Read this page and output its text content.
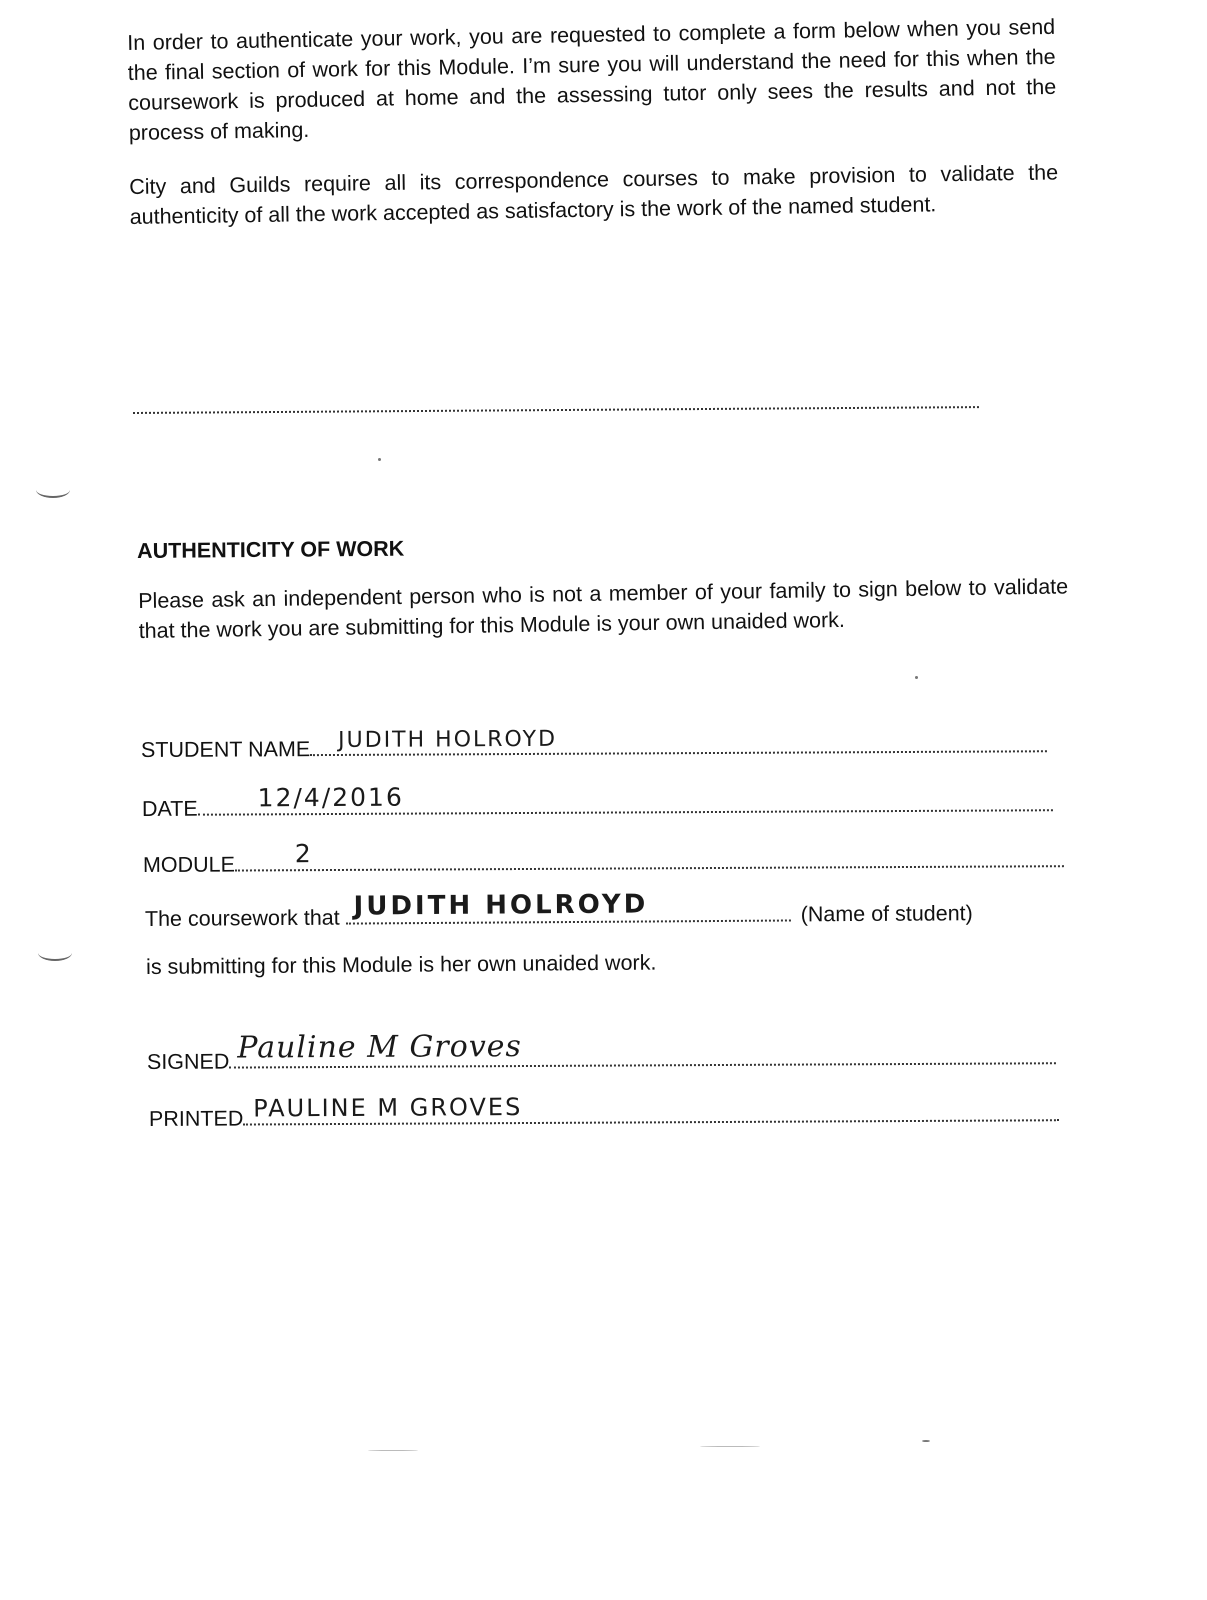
In order to authenticate your work, you are requested to complete a form below when you send the final section of work for this Module. I’m sure you will understand the need for this when the coursework is produced at home and the assessing tutor only sees the results and not the process of making.

City and Guilds require all its correspondence courses to make provision to validate the authenticity of all the work accepted as satisfactory is the work of the named student.

AUTHENTICITY OF WORK

Please ask an independent person who is not a member of your family to sign below to validate that the work you are submitting for this Module is your own unaided work.

STUDENT NAME JUDITH HOLROYD
DATE 12/4/2016
MODULE 2
The coursework that JUDITH HOLROYD	(Name of student)

is submitting for this Module is her own unaided work.

SIGNED Pauline M Groves
PRINTED PAULINE M GROVES
